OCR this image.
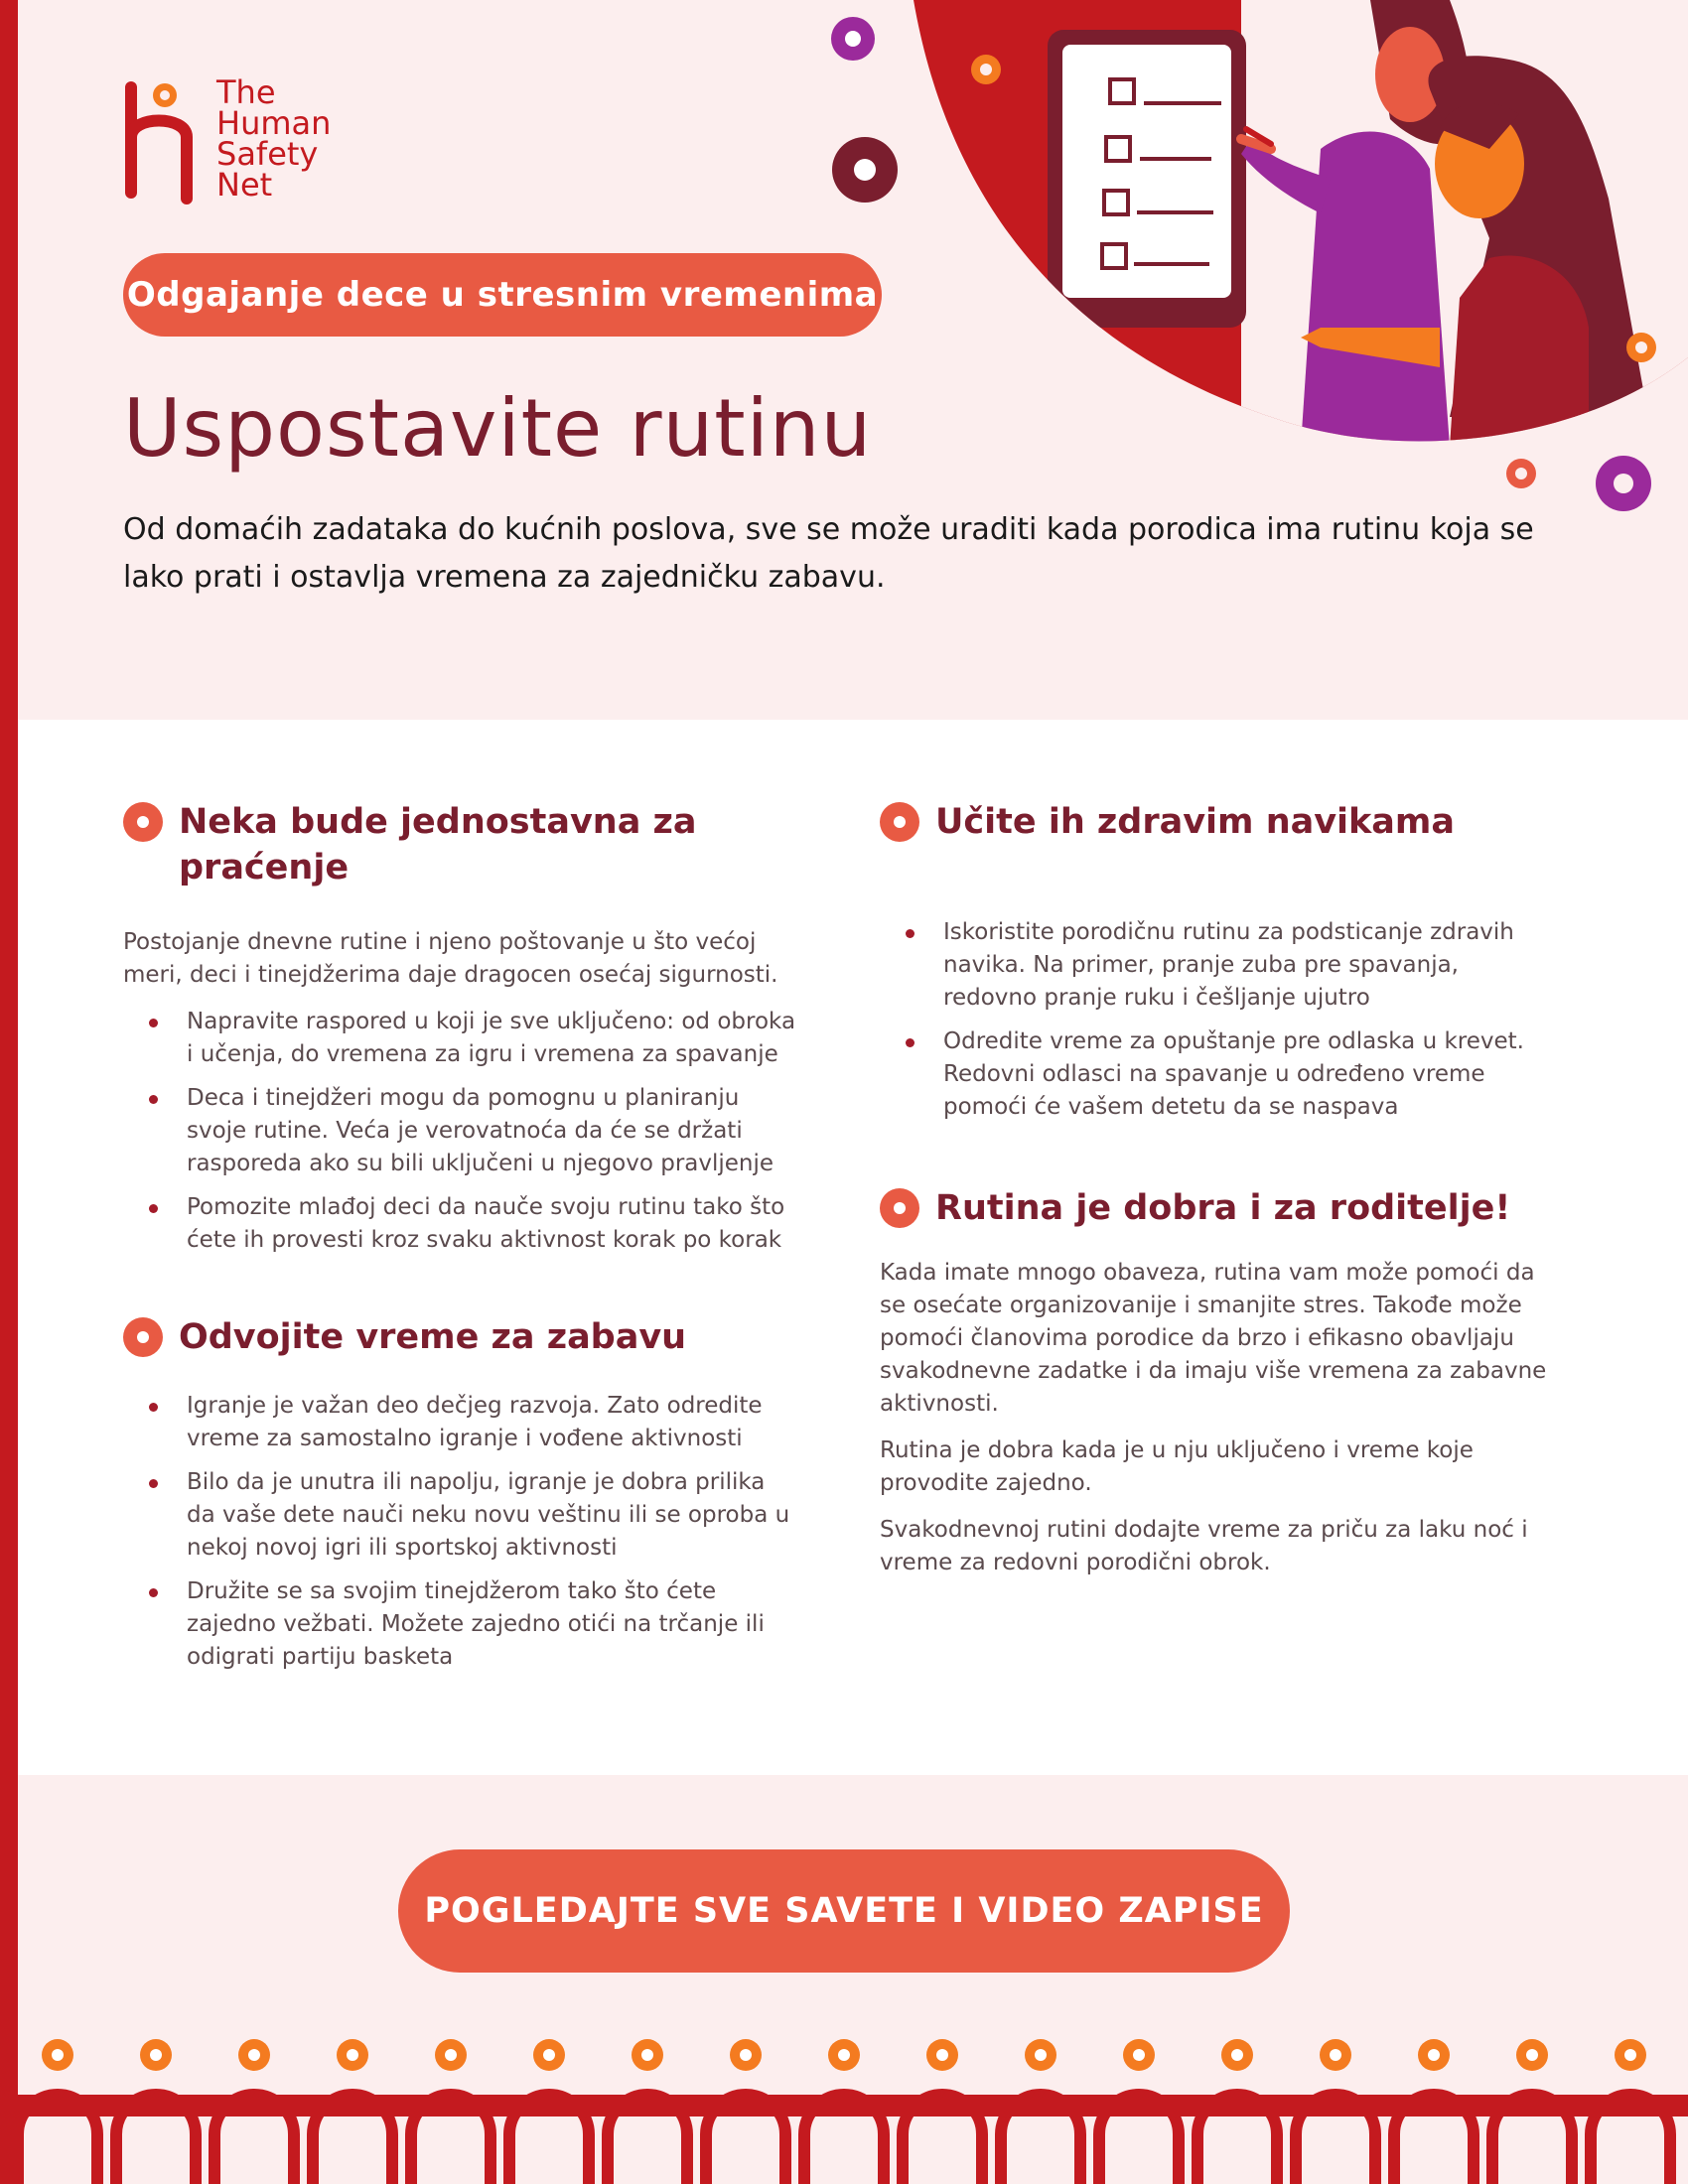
The
Human
Safety
Net
Odgajanje dece u stresnim vremenima
Uspostavite rutinu

Od domaćih zadataka do kućnih poslova, sve se može uraditi kada porodica ima rutinu koja se lako prati i ostavlja vremena za zajedničku zabavu.

Neka bude jednostavna za praćenje

Postojanje dnevne rutine i njeno poštovanje u što većoj meri, deci i tinejdžerima daje dragocen osećaj sigurnosti.

Napravite raspored u koji je sve uključeno: od obroka i učenja, do vremena za igru i vremena za spavanje
Deca i tinejdžeri mogu da pomognu u planiranju svoje rutine. Veća je verovatnoća da će se držati rasporeda ako su bili uključeni u njegovo pravljenje
Pomozite mlađoj deci da nauče svoju rutinu tako što ćete ih provesti kroz svaku aktivnost korak po korak
Odvojite vreme za zabavu
Igranje je važan deo dečjeg razvoja. Zato odredite vreme za samostalno igranje i vođene aktivnosti
Bilo da je unutra ili napolju, igranje je dobra prilika da vaše dete nauči neku novu veštinu ili se oproba u nekoj novoj igri ili sportskoj aktivnosti
Družite se sa svojim tinejdžerom tako što ćete zajedno vežbati. Možete zajedno otići na trčanje ili odigrati partiju basketa
Učite ih zdravim navikama
Iskoristite porodičnu rutinu za podsticanje zdravih navika. Na primer, pranje zuba pre spavanja, redovno pranje ruku i češljanje ujutro
Odredite vreme za opuštanje pre odlaska u krevet. Redovni odlasci na spavanje u određeno vreme pomoći će vašem detetu da se naspava
Rutina je dobra i za roditelje!

Kada imate mnogo obaveza, rutina vam može pomoći da se osećate organizovanije i smanjite stres. Takođe može pomoći članovima porodice da brzo i efikasno obavljaju svakodnevne zadatke i da imaju više vremena za zabavne aktivnosti.

Rutina je dobra kada je u nju uključeno i vreme koje provodite zajedno.

Svakodnevnoj rutini dodajte vreme za priču za laku noć i vreme za redovni porodični obrok.

POGLEDAJTE SVE SAVETE I VIDEO ZAPISE
